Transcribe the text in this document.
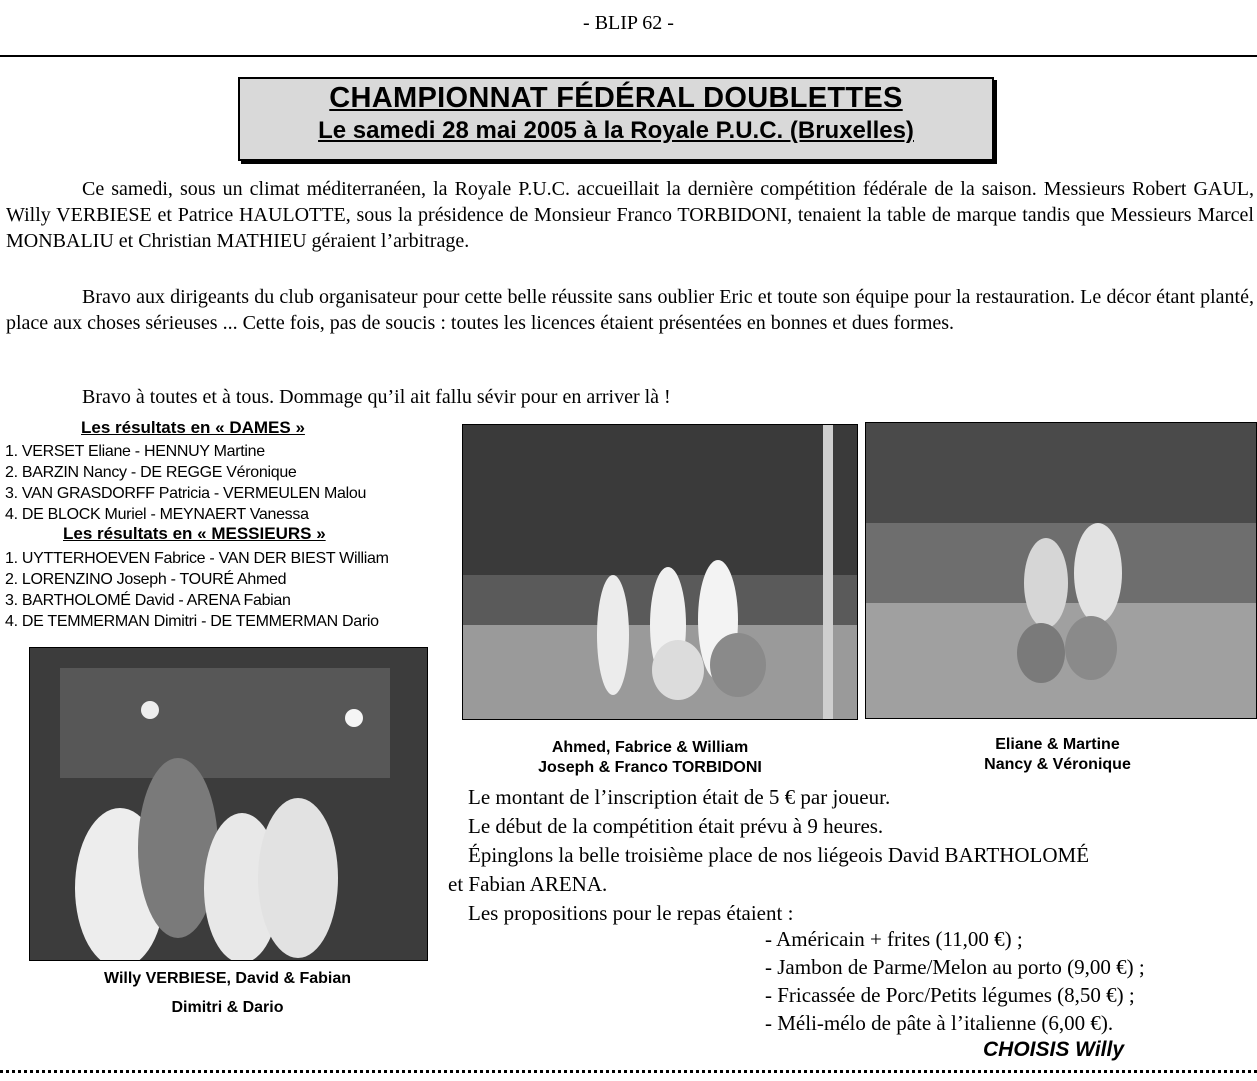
- BLIP 62 -
CHAMPIONNAT FÉDÉRAL DOUBLETTES
Le samedi 28 mai 2005 à la Royale P.U.C. (Bruxelles)

Ce samedi, sous un climat méditerranéen, la Royale P.U.C. accueillait la dernière compétition fédérale de la saison. Messieurs Robert GAUL, Willy VERBIESE et Patrice HAULOTTE, sous la présidence de Monsieur Franco TORBIDONI, tenaient la table de marque tandis que Messieurs Marcel MONBALIU et Christian MATHIEU géraient l’arbitrage.

Bravo aux dirigeants du club organisateur pour cette belle réussite sans oublier Eric et toute son équipe pour la restauration. Le décor étant planté, place aux choses sérieuses ... Cette fois, pas de soucis : toutes les licences étaient présentées en bonnes et dues formes.

Bravo à toutes et à tous. Dommage qu’il ait fallu sévir pour en arriver là !

Les résultats en « DAMES »
1. VERSET Eliane - HENNUY Martine
2. BARZIN Nancy - DE REGGE Véronique
3. VAN GRASDORFF Patricia - VERMEULEN Malou
4. DE BLOCK Muriel - MEYNAERT Vanessa
Les résultats en « MESSIEURS »
1. UYTTERHOEVEN Fabrice - VAN DER BIEST William
2. LORENZINO Joseph - TOURÉ Ahmed
3. BARTHOLOMÉ David - ARENA Fabian
4. DE TEMMERMAN Dimitri - DE TEMMERMAN Dario
Ahmed, Fabrice & William
Joseph & Franco TORBIDONI
Eliane & Martine
Nancy & Véronique
Willy VERBIESE, David & Fabian
Dimitri & Dario
Le montant de l’inscription était de 5 € par joueur.
Le début de la compétition était prévu à 9 heures.
Épinglons la belle troisième place de nos liégeois David BARTHOLOMÉ
et Fabian ARENA.
Les propositions pour le repas étaient :
- Américain + frites (11,00 €) ;
- Jambon de Parme/Melon au porto (9,00 €) ;
- Fricassée de Porc/Petits légumes (8,50 €) ;
- Méli-mélo de pâte à l’italienne (6,00 €).
CHOISIS Willy
